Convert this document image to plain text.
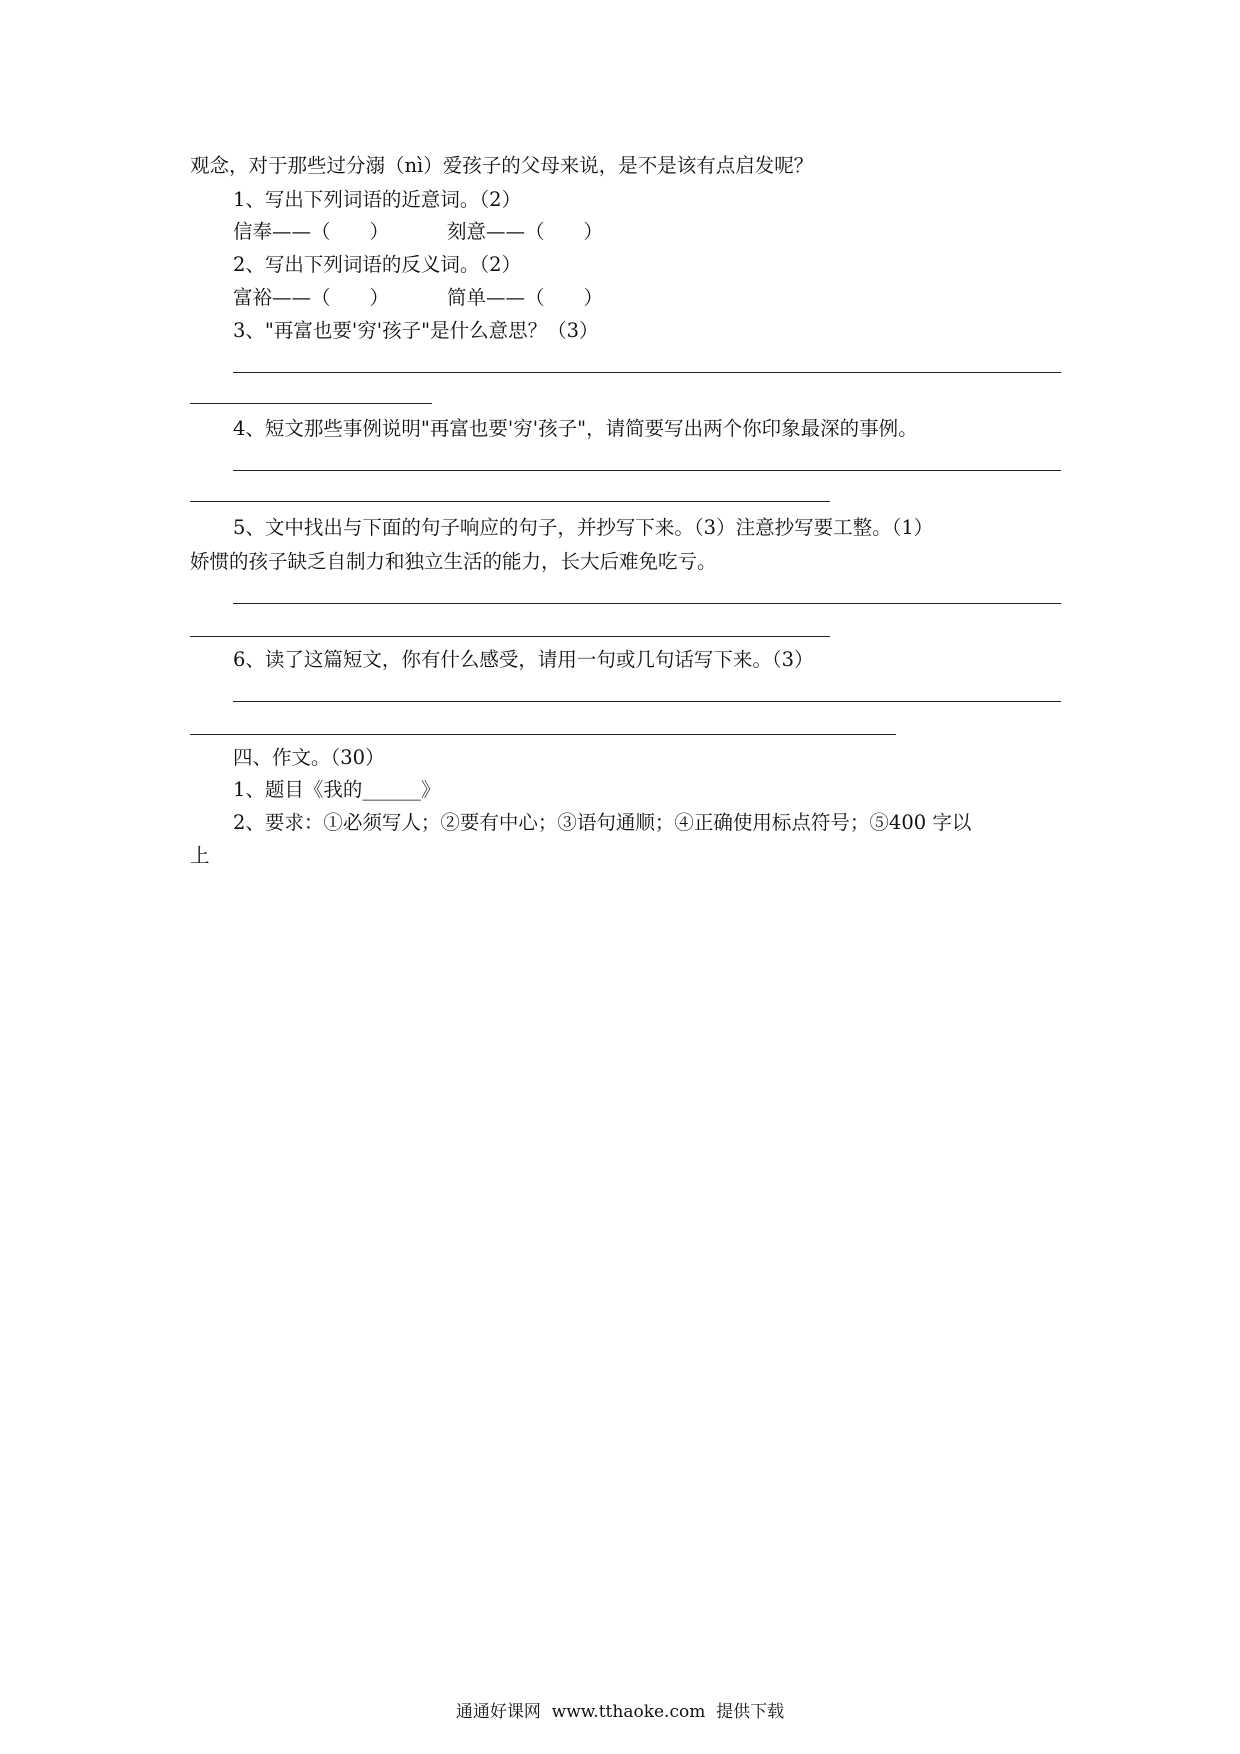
观念，对于那些过分溺（nì）爱孩子的父母来说，是不是该有点启发呢？
1、写出下列词语的近意词。（2）
信奉——（　　）	刻意——（　　）
2、写出下列词语的反义词。（2）
富裕——（　　）	简单——（　　）
3、"再富也要'穷'孩子"是什么意思？（3）
4、短文那些事例说明"再富也要'穷'孩子"，请简要写出两个你印象最深的事例。
5、文中找出与下面的句子响应的句子，并抄写下来。（3）注意抄写要工整。（1）
娇惯的孩子缺乏自制力和独立生活的能力，长大后难免吃亏。
6、读了这篇短文，你有什么感受，请用一句或几句话写下来。（3）
四、作文。（30）
1、题目《我的______》
2、要求：①必须写人；②要有中心；③语句通顺；④正确使用标点符号；⑤400 字以
上
通通好课网  www.tthaoke.com  提供下载
